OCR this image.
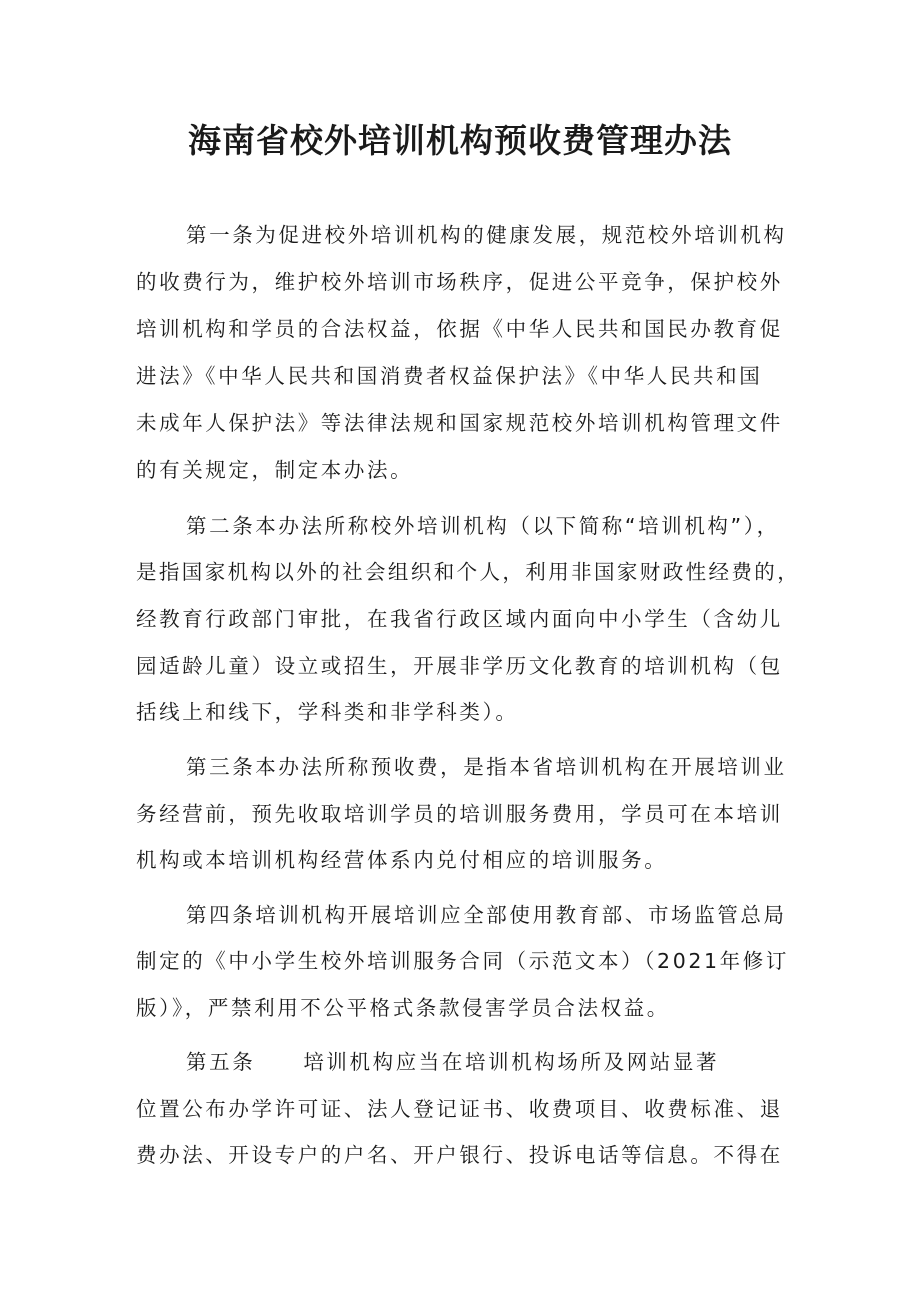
海南省校外培训机构预收费管理办法
第一条为促进校外培训机构的健康发展，规范校外培训机构
的收费行为，维护校外培训市场秩序，促进公平竞争，保护校外
培训机构和学员的合法权益，依据《中华人民共和国民办教育促
进法》《中华人民共和国消费者权益保护法》《中华人民共和国
未成年人保护法》等法律法规和国家规范校外培训机构管理文件
的有关规定，制定本办法。
第二条本办法所称校外培训机构（以下简称“培训机构”），
是指国家机构以外的社会组织和个人，利用非国家财政性经费的，
经教育行政部门审批，在我省行政区域内面向中小学生（含幼儿
园适龄儿童）设立或招生，开展非学历文化教育的培训机构（包
括线上和线下，学科类和非学科类）。
第三条本办法所称预收费，是指本省培训机构在开展培训业
务经营前，预先收取培训学员的培训服务费用，学员可在本培训
机构或本培训机构经营体系内兑付相应的培训服务。
第四条培训机构开展培训应全部使用教育部、市场监管总局
制定的《中小学生校外培训服务合同（示范文本）（2021年修订
版）》，严禁利用不公平格式条款侵害学员合法权益。
第五条 培训机构应当在培训机构场所及网站显著
位置公布办学许可证、法人登记证书、收费项目、收费标准、退
费办法、开设专户的户名、开户银行、投诉电话等信息。不得在
